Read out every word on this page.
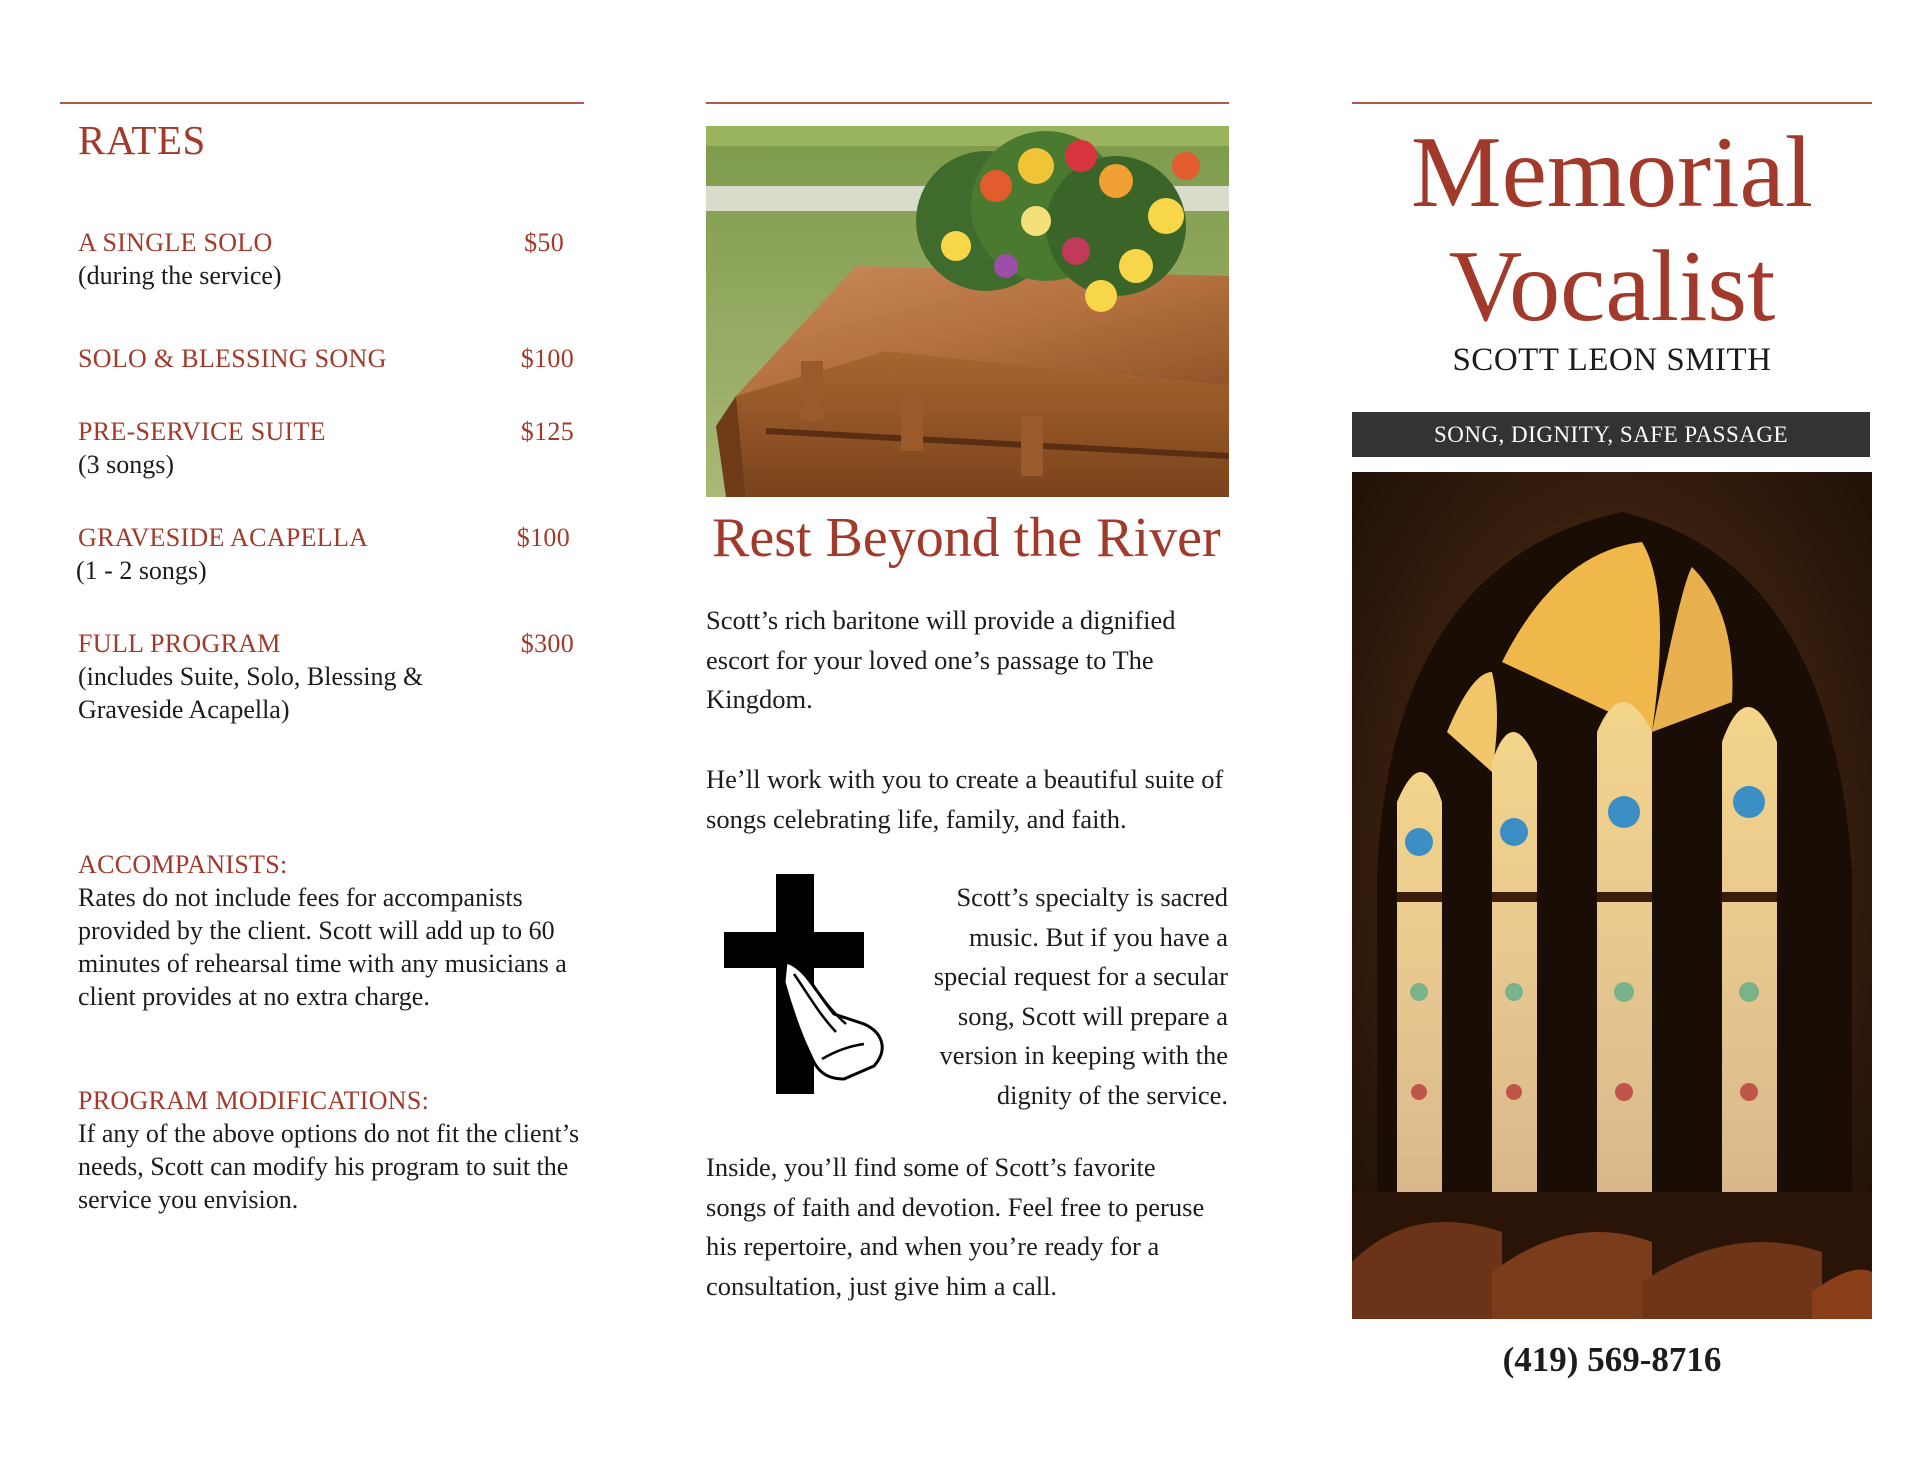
RATES
A SINGLE SOLO	$50
(during the service)
SOLO & BLESSING SONG	$100
PRE-SERVICE SUITE	$125
(3 songs)
GRAVESIDE ACAPELLA	$100
(1 - 2 songs)
FULL PROGRAM	$300
(includes Suite, Solo, Blessing & Graveside Acapella)
ACCOMPANISTS:
Rates do not include fees for accompanists provided by the client. Scott will add up to 60 minutes of rehearsal time with any musicians a client provides at no extra charge.
PROGRAM MODIFICATIONS:
If any of the above options do not fit the client’s needs, Scott can modify his program to suit the service you envision.
Rest Beyond the River
Scott’s rich baritone will provide a dignified escort for your loved one’s passage to The Kingdom.
He’ll work with you to create a beautiful suite of songs celebrating life, family, and faith.
Scott’s specialty is sacred music. But if you have a special request for a secular song, Scott will prepare a version in keeping with the dignity of the service.
Inside, you’ll find some of Scott’s favorite songs of faith and devotion. Feel free to peruse his repertoire, and when you’re ready for a consultation, just give him a call.
Memorial
Vocalist
SCOTT LEON SMITH
SONG, DIGNITY, SAFE PASSAGE
(419) 569-8716
